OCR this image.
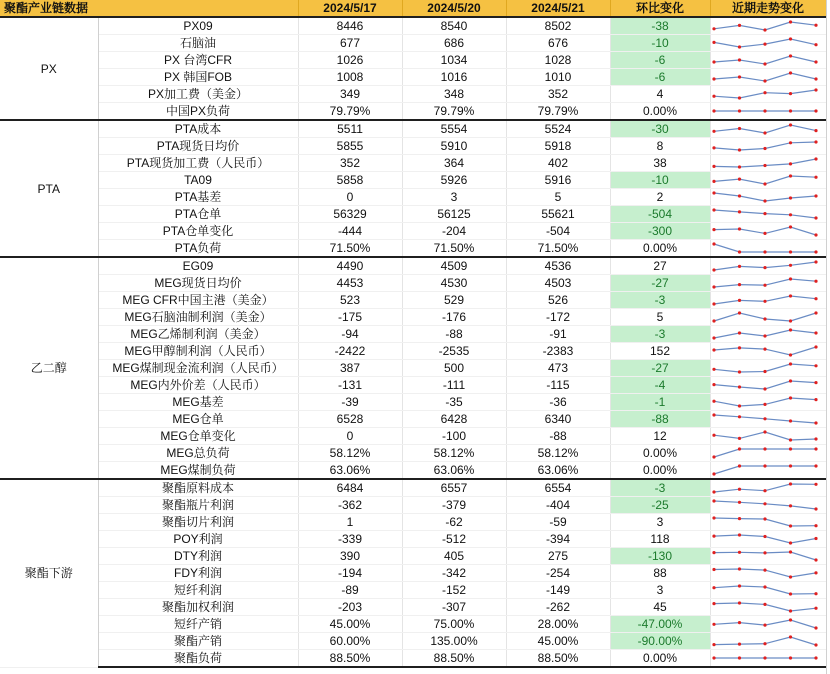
聚酯产业链数据		2024/5/17	2024/5/20	2024/5/21	环比变化	近期走势变化
PX	PX09	8446	8540	8502	-38	

	石脑油	677	686	676	-10	

	PX 台湾CFR	1026	1034	1028	-6	

	PX 韩国FOB	1008	1016	1010	-6	

	PX加工费（美金）	349	348	352	4	

	中国PX负荷	79.79%	79.79%	79.79%	0.00%	

PTA	PTA成本	5511	5554	5524	-30	

	PTA现货日均价	5855	5910	5918	8	

	PTA现货加工费（人民币）	352	364	402	38	

	TA09	5858	5926	5916	-10	

	PTA基差	0	3	5	2	

	PTA仓单	56329	56125	55621	-504	

	PTA仓单变化	-444	-204	-504	-300	

	PTA负荷	71.50%	71.50%	71.50%	0.00%	

乙二醇	EG09	4490	4509	4536	27	

	MEG现货日均价	4453	4530	4503	-27	

	MEG CFR中国主港（美金）	523	529	526	-3	

	MEG石脑油制利润（美金）	-175	-176	-172	5	

	MEG乙烯制利润（美金）	-94	-88	-91	-3	

	MEG甲醇制利润（人民币）	-2422	-2535	-2383	152	

	MEG煤制现金流利润（人民币）	387	500	473	-27	

	MEG内外价差（人民币）	-131	-111	-115	-4	

	MEG基差	-39	-35	-36	-1	

	MEG仓单	6528	6428	6340	-88	

	MEG仓单变化	0	-100	-88	12	

	MEG总负荷	58.12%	58.12%	58.12%	0.00%	

	MEG煤制负荷	63.06%	63.06%	63.06%	0.00%	

聚酯下游	聚酯原料成本	6484	6557	6554	-3	

	聚酯瓶片利润	-362	-379	-404	-25	

	聚酯切片利润	1	-62	-59	3	

	POY利润	-339	-512	-394	118	

	DTY利润	390	405	275	-130	

	FDY利润	-194	-342	-254	88	

	短纤利润	-89	-152	-149	3	

	聚酯加权利润	-203	-307	-262	45	

	短纤产销	45.00%	75.00%	28.00%	-47.00%	

	聚酯产销	60.00%	135.00%	45.00%	-90.00%	

	聚酯负荷	88.50%	88.50%	88.50%	0.00%	
